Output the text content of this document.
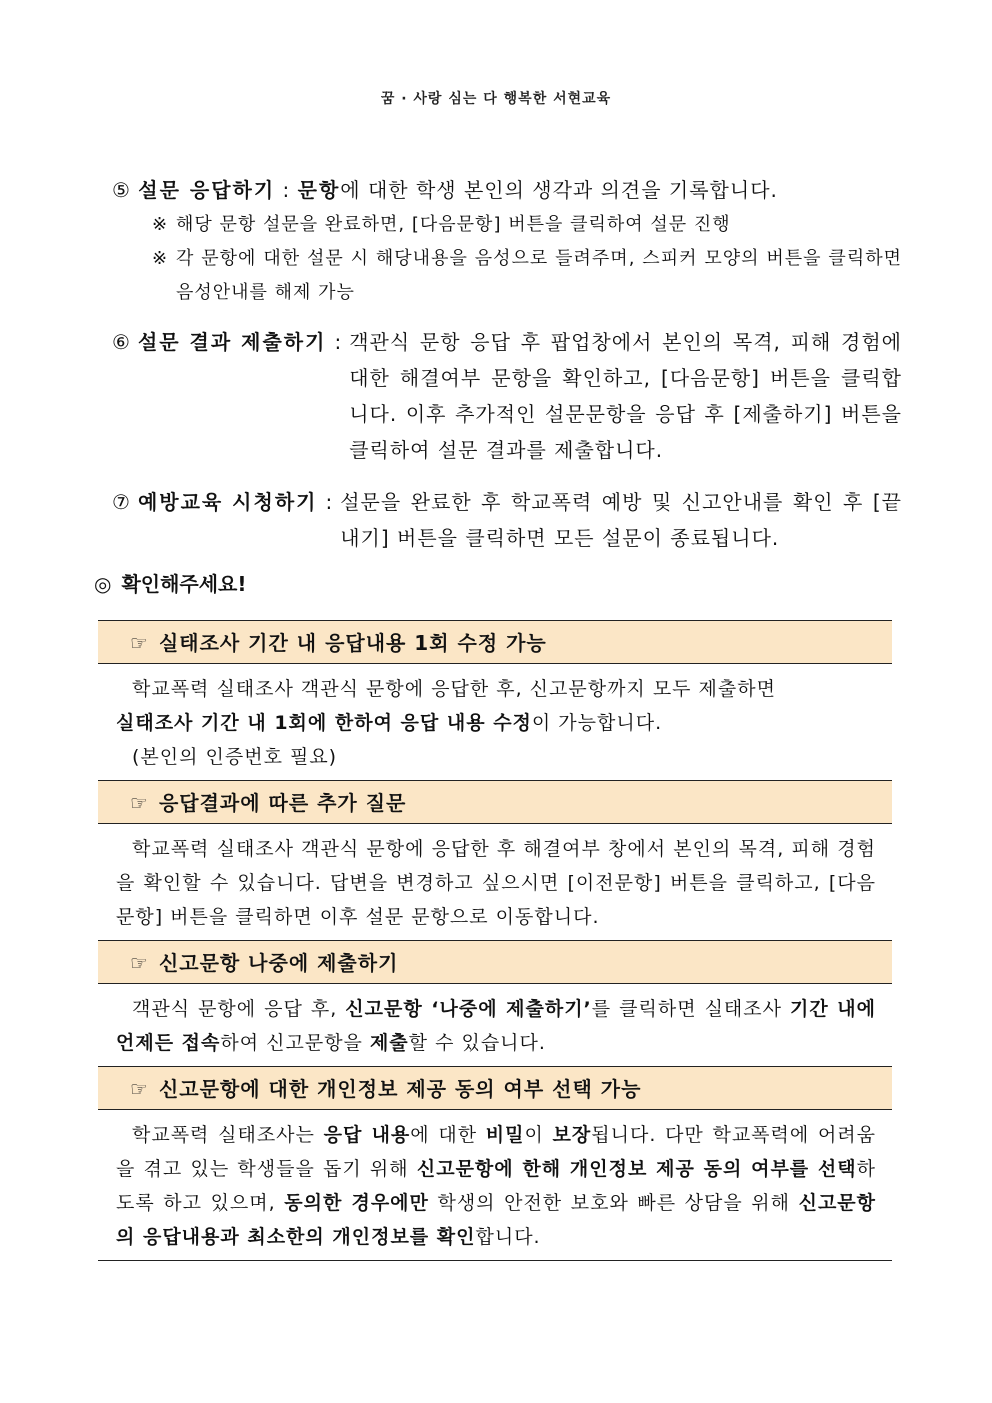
꿈 · 사랑 심는 다 행복한 서현교육
⑤ 설문 응답하기 : 문항에 대한 학생 본인의 생각과 의견을 기록합니다.
※ 해당 문항 설문을 완료하면, [다음문항] 버튼을 클릭하여 설문 진행
※ 각 문항에 대한 설문 시 해당내용을 음성으로 들려주며, 스피커 모양의 버튼을 클릭하면 음성안내를 해제 가능
⑥ 설문 결과 제출하기 : 객관식 문항 응답 후 팝업창에서 본인의 목격, 피해 경험에 대한 해결여부 문항을 확인하고, [다음문항] 버튼을 클릭합니다. 이후 추가적인 설문문항을 응답 후 [제출하기] 버튼을 클릭하여 설문 결과를 제출합니다.
⑦ 예방교육 시청하기 : 설문을 완료한 후 학교폭력 예방 및 신고안내를 확인 후 [끝내기] 버튼을 클릭하면 모든 설문이 종료됩니다.
◎ 확인해주세요!
☞ 실태조사 기간 내 응답내용 1회 수정 가능
학교폭력 실태조사 객관식 문항에 응답한 후, 신고문항까지 모두 제출하면
실태조사 기간 내 1회에 한하여 응답 내용 수정이 가능합니다.
(본인의 인증번호 필요)
☞ 응답결과에 따른 추가 질문
학교폭력 실태조사 객관식 문항에 응답한 후 해결여부 창에서 본인의 목격, 피해 경험을 확인할 수 있습니다. 답변을 변경하고 싶으시면 [이전문항] 버튼을 클릭하고, [다음문항] 버튼을 클릭하면 이후 설문 문항으로 이동합니다.
☞ 신고문항 나중에 제출하기
객관식 문항에 응답 후, 신고문항 ‘나중에 제출하기’를 클릭하면 실태조사 기간 내에 언제든 접속하여 신고문항을 제출할 수 있습니다.
☞ 신고문항에 대한 개인정보 제공 동의 여부 선택 가능
학교폭력 실태조사는 응답 내용에 대한 비밀이 보장됩니다. 다만 학교폭력에 어려움을 겪고 있는 학생들을 돕기 위해 신고문항에 한해 개인정보 제공 동의 여부를 선택하도록 하고 있으며, 동의한 경우에만 학생의 안전한 보호와 빠른 상담을 위해 신고문항의 응답내용과 최소한의 개인정보를 확인합니다.
